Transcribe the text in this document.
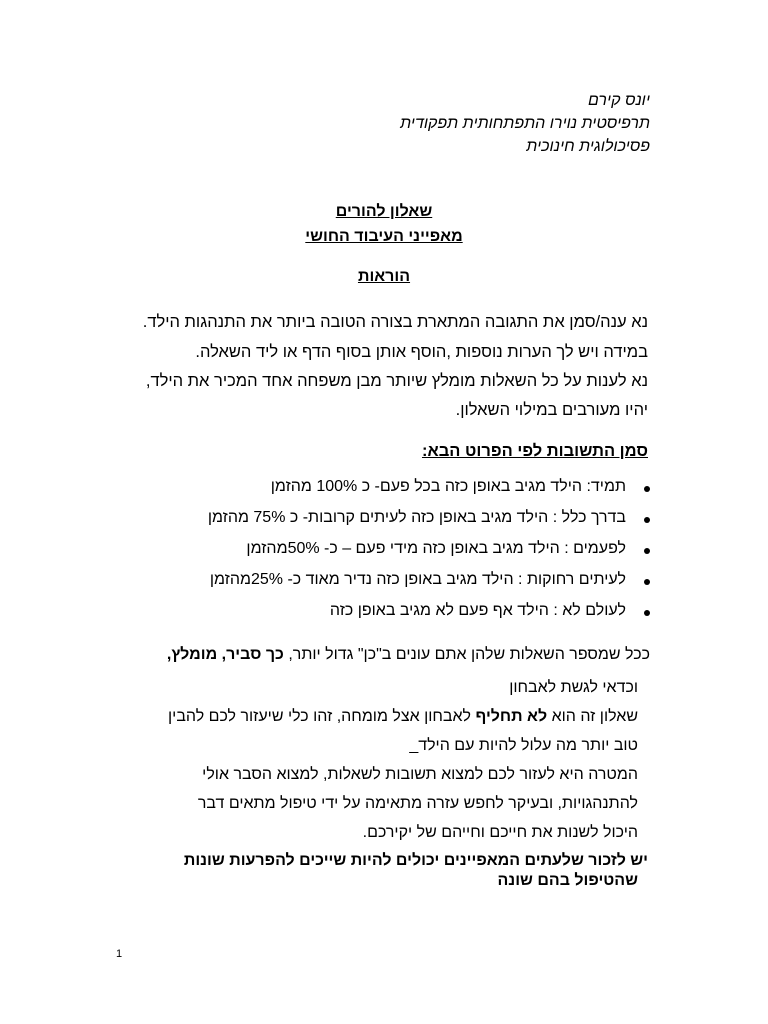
יונס קירם
תרפיסטית נוירו התפתחותית תפקודית
פסיכולוגית חינוכית
שאלון להורים
מאפייני העיבוד החושי
הוראות
נא ענה/סמן את התגובה המתארת בצורה הטובה ביותר את התנהגות הילד.
במידה ויש לך הערות נוספות ,הוסף אותן בסוף הדף או ליד השאלה.
נא לענות על כל השאלות מומלץ שיותר מבן משפחה אחד המכיר את הילד,
יהיו מעורבים במילוי השאלון.
סמן התשובות לפי הפרוט הבא:
תמיד: הילד מגיב באופן כזה בכל פעם- כ 100% מהזמן
בדרך כלל : הילד מגיב באופן כזה לעיתים קרובות- כ 75% מהזמן
לפעמים : הילד מגיב באופן כזה מידי פעם – כ- 50%מהזמן
לעיתים רחוקות : הילד מגיב באופן כזה נדיר מאוד כ- 25%מהזמן
לעולם לא : הילד אף פעם לא מגיב באופן כזה
ככל שמספר השאלות שלהן אתם עונים ב"כן" גדול יותר, כך סביר, מומלץ,
וכדאי לגשת לאבחון
שאלון זה הוא לא תחליף לאבחון אצל מומחה, זהו כלי שיעזור לכם להבין
טוב יותר מה עלול להיות עם הילד_
המטרה היא לעזור לכם למצוא תשובות לשאלות, למצוא הסבר אולי
להתנהגויות, ובעיקר לחפש עזרה מתאימה על ידי טיפול מתאים דבר
היכול לשנות את חייכם וחייהם של יקירכם.
יש לזכור שלעתים המאפיינים יכולים להיות שייכים להפרעות שונות
שהטיפול בהם שונה
1
